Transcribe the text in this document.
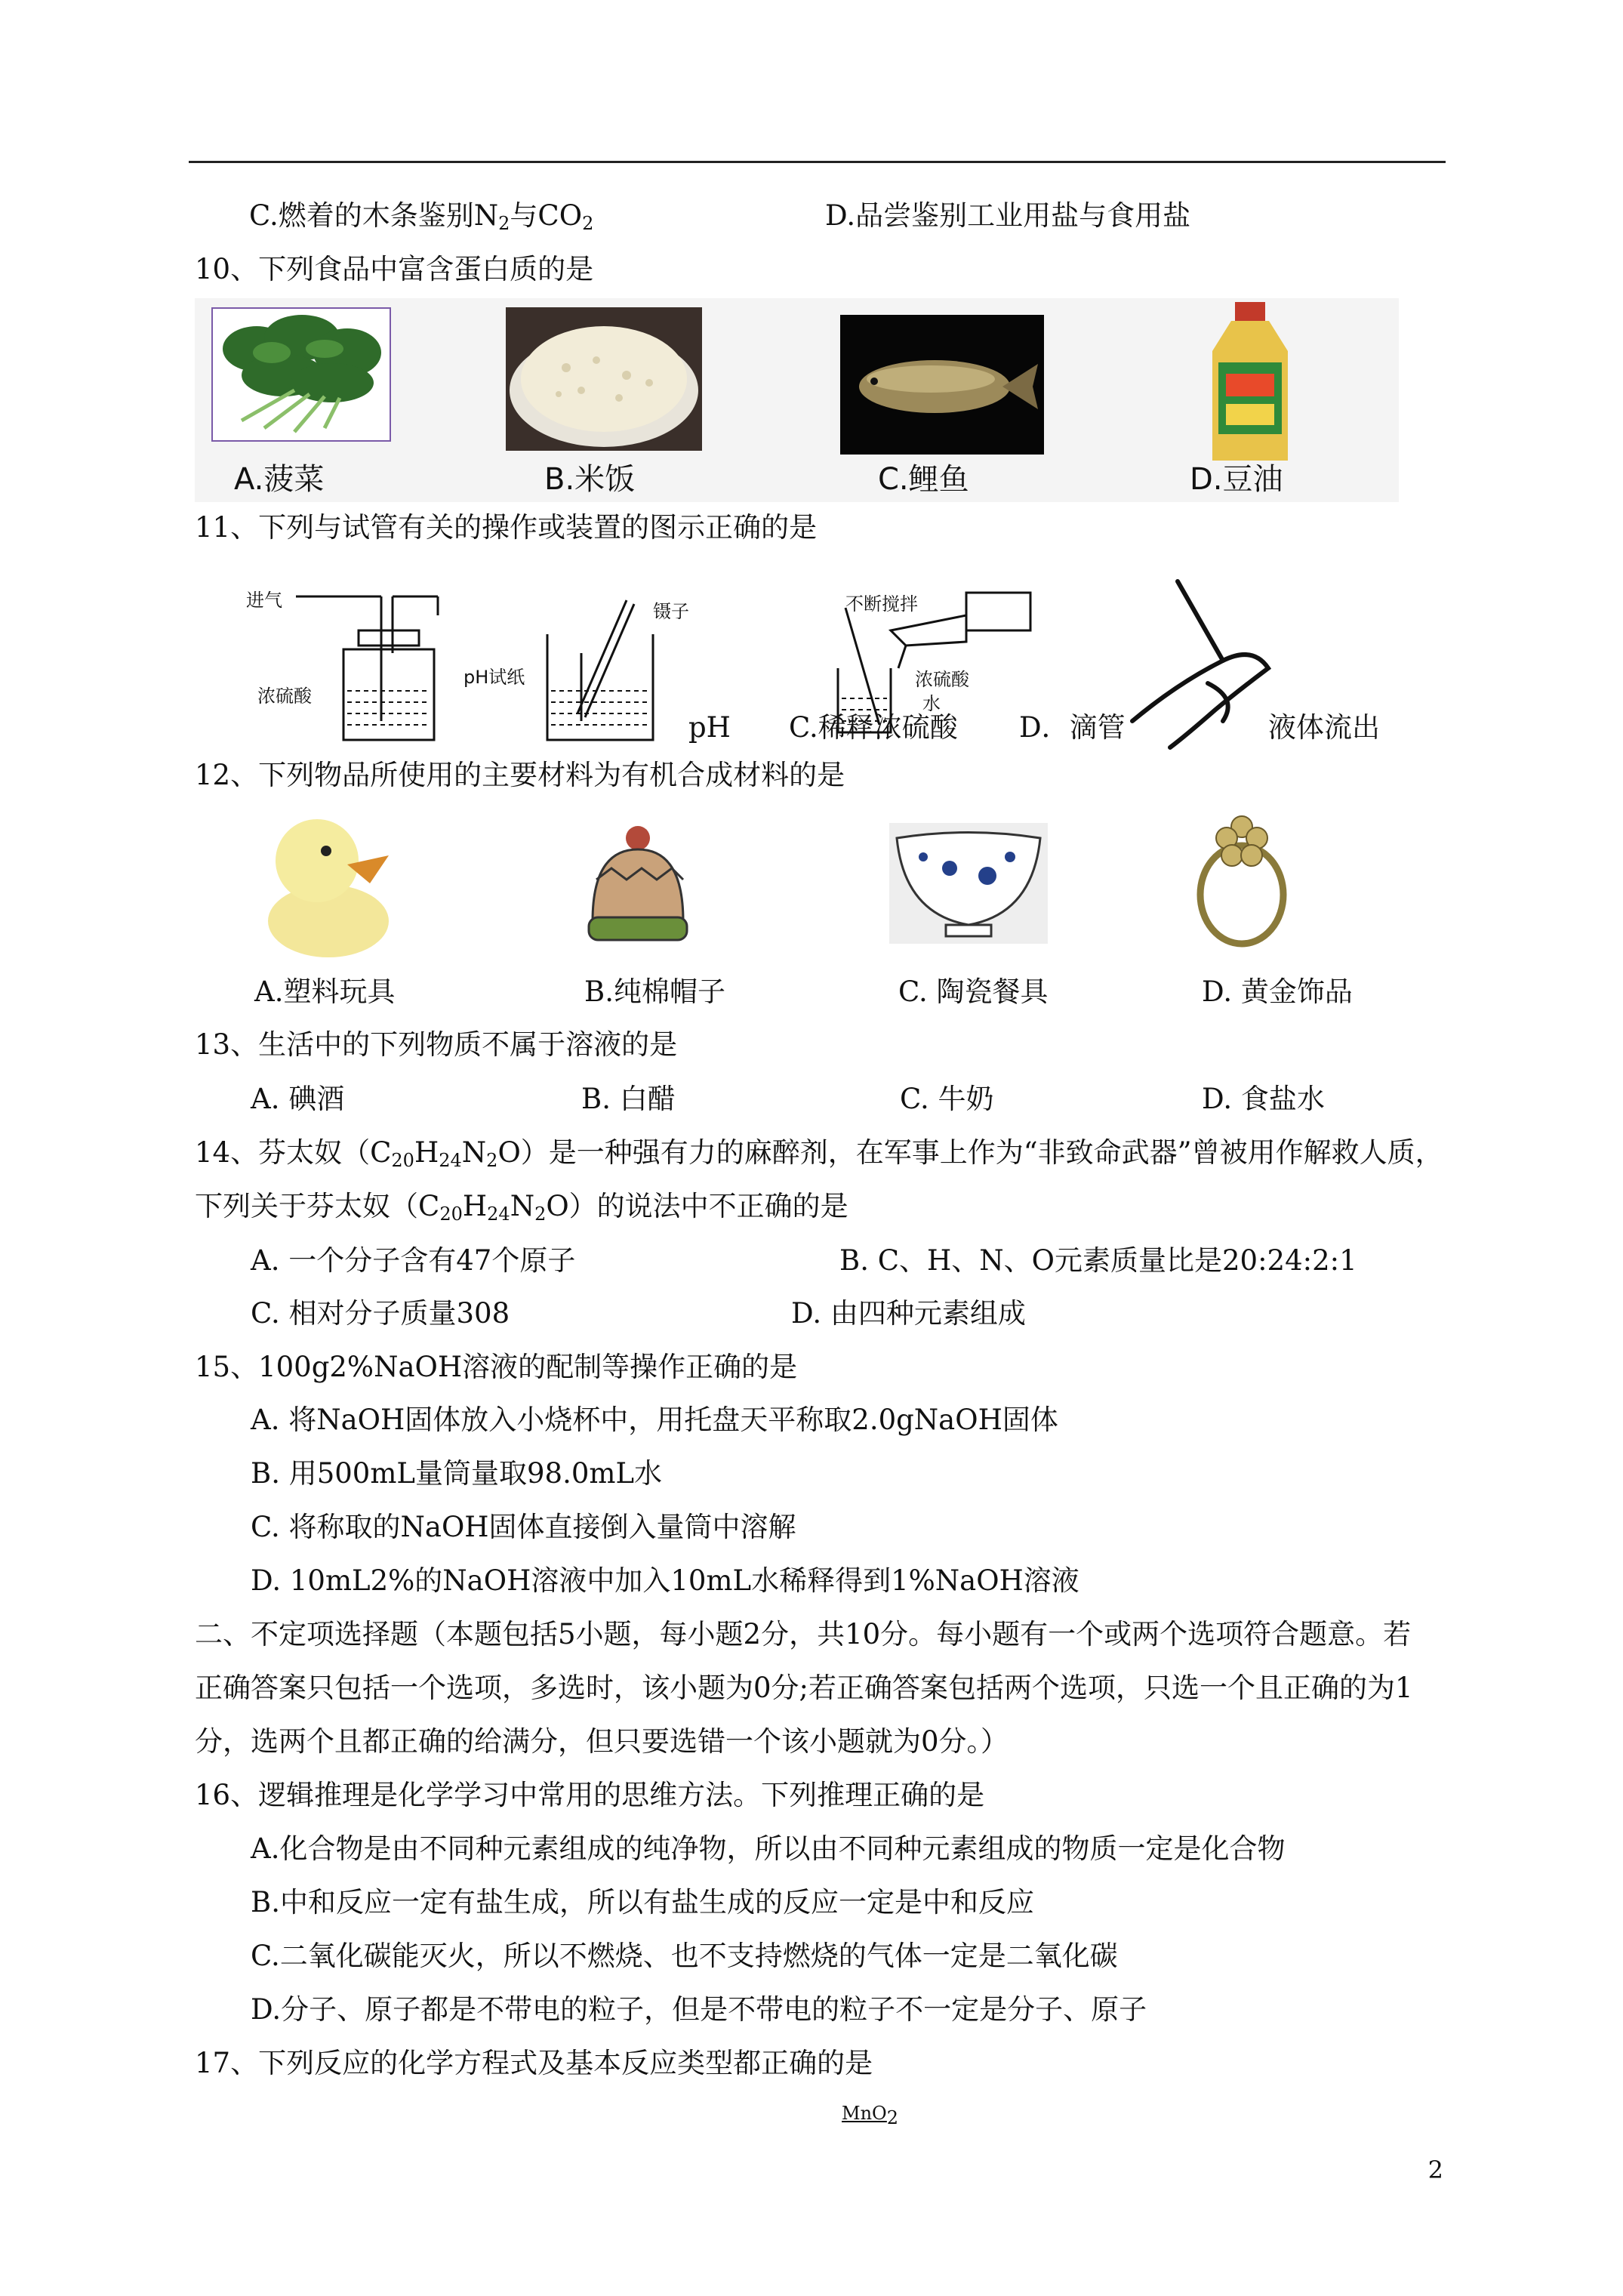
C.燃着的木条鉴别$N_2$与$CO_2$	D.品尝鉴别工业用盐与食用盐
10、下列食品中富含蛋白质的是
A.菠菜	B.米饭	C.鲤鱼	D.豆油
11、下列与试管有关的操作或装置的图示正确的是
进气
浓硫酸
镊子
pH试纸
不断搅拌
浓硫酸
水
pH C.稀释浓硫酸 D．滴管	液体流出
12、下列物品所使用的主要材料为有机合成材料的是
A.塑料玩具	B.纯棉帽子	C. 陶瓷餐具	D. 黄金饰品
13、生活中的下列物质不属于溶液的是
A. 碘酒	B. 白醋	C. 牛奶	D. 食盐水
14、芬太奴$(C_{20}H_{24}N_2O)$是一种强有力的麻醉剂，在军事上作为“非致命武器”曾被用作解救人质，
下列关于芬太奴$(C_{20}H_{24}N_2O)$的说法中不正确的是
A. 一个分子含有47个原子	B. C、H、N、O元素质量比是20:24:2:1
C. 相对分子质量308	D. 由四种元素组成
15、100g2%NaOH溶液的配制等操作正确的是
A. 将NaOH固体放入小烧杯中，用托盘天平称取2.0gNaOH固体
B. 用500mL量筒量取98.0mL水
C. 将称取的NaOH固体直接倒入量筒中溶解
D. 10mL2%的NaOH溶液中加入10mL水稀释得到1%NaOH溶液
二、不定项选择题（本题包括5小题，每小题2分，共10分。每小题有一个或两个选项符合题意。若
正确答案只包括一个选项，多选时，该小题为0分;若正确答案包括两个选项，只选一个且正确的为1
分，选两个且都正确的给满分，但只要选错一个该小题就为0分。）
16、逻辑推理是化学学习中常用的思维方法。下列推理正确的是
A.化合物是由不同种元素组成的纯净物，所以由不同种元素组成的物质一定是化合物
B.中和反应一定有盐生成，所以有盐生成的反应一定是中和反应
C.二氧化碳能灭火，所以不燃烧、也不支持燃烧的气体一定是二氧化碳
D.分子、原子都是不带电的粒子，但是不带电的粒子不一定是分子、原子
17、下列反应的化学方程式及基本反应类型都正确的是
MnO$_2$
2
